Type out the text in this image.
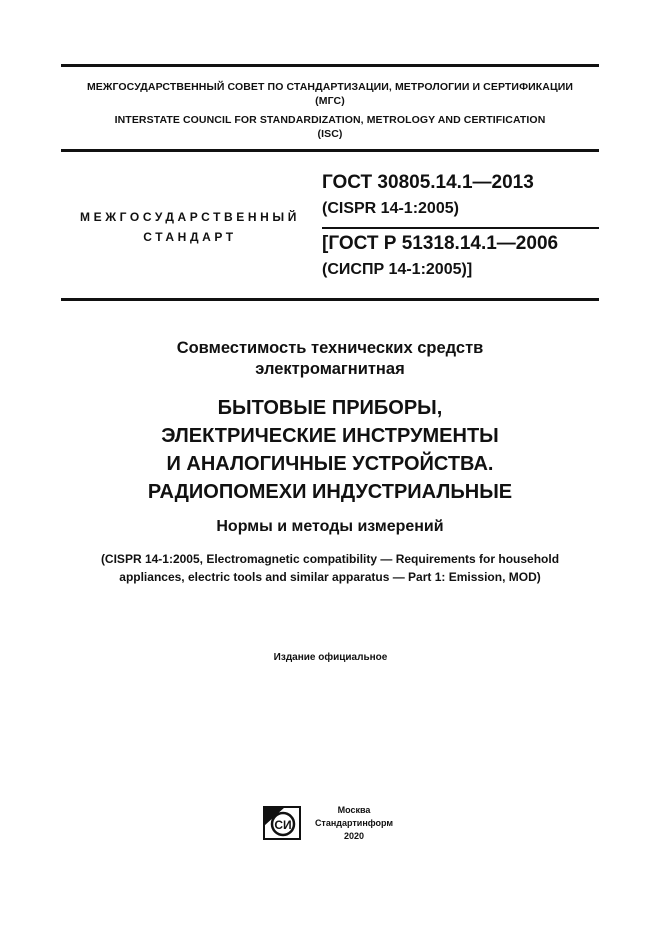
МЕЖГОСУДАРСТВЕННЫЙ СОВЕТ ПО СТАНДАРТИЗАЦИИ, МЕТРОЛОГИИ И СЕРТИФИКАЦИИ
(МГС)
INTERSTATE COUNCIL FOR STANDARDIZATION, METROLOGY AND CERTIFICATION
(ISC)
МЕЖГОСУДАРСТВЕННЫЙ
СТАНДАРТ
ГОСТ 30805.14.1—2013
(CISPR 14-1:2005)
[ГОСТ Р 51318.14.1—2006
(СИСПР 14-1:2005)]
Совместимость технических средств
электромагнитная
БЫТОВЫЕ ПРИБОРЫ,
ЭЛЕКТРИЧЕСКИЕ ИНСТРУМЕНТЫ
И АНАЛОГИЧНЫЕ УСТРОЙСТВА.
РАДИОПОМЕХИ ИНДУСТРИАЛЬНЫЕ
Нормы и методы измерений
(CISPR 14-1:2005, Electromagnetic compatibility — Requirements for household
appliances, electric tools and similar apparatus — Part 1: Emission, MOD)
Издание официальное
СИ
Москва
Стандартинформ
2020
